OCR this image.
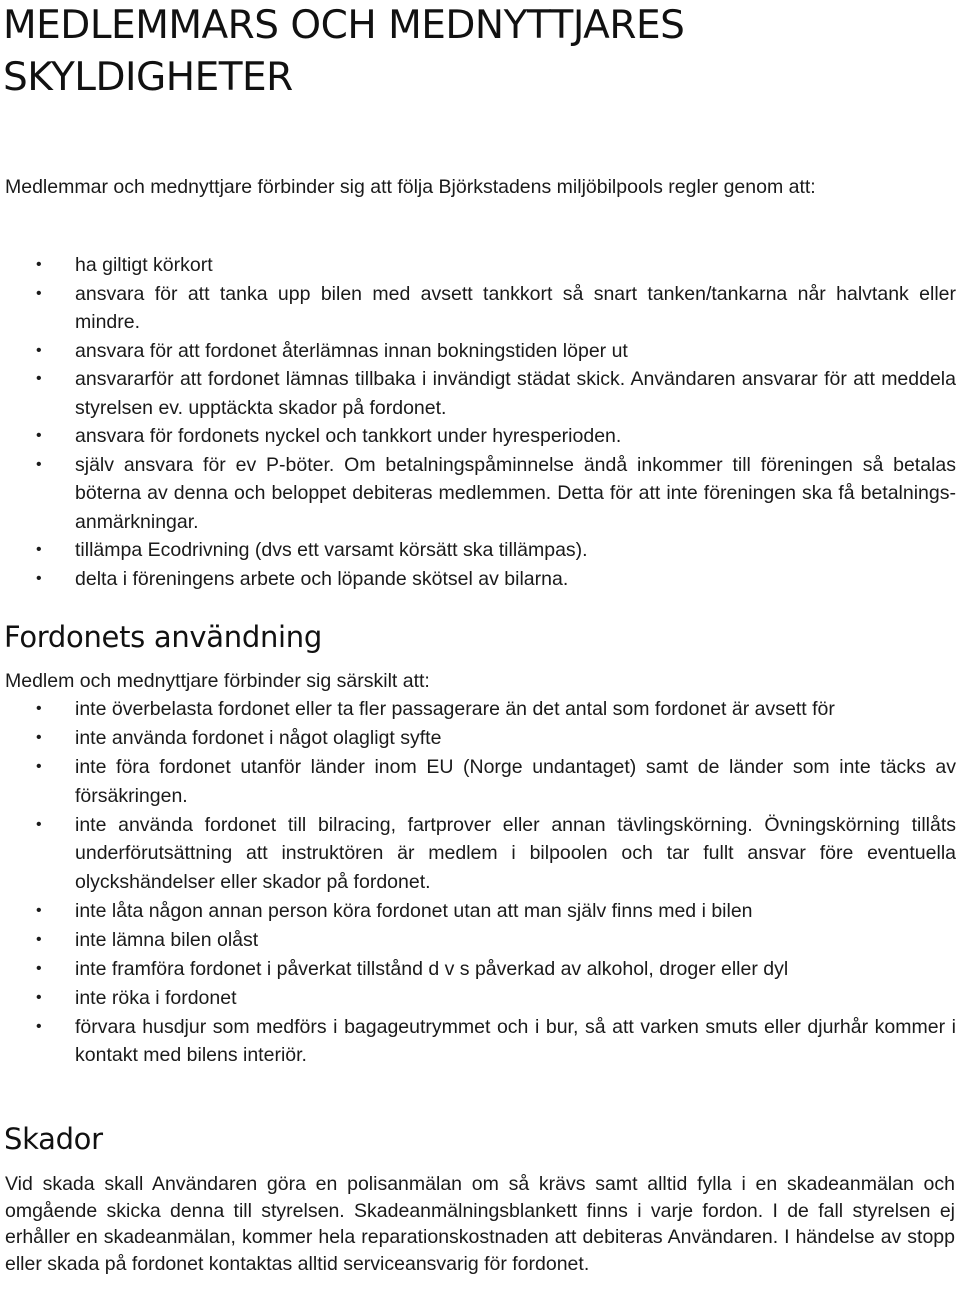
MEDLEMMARS OCH MEDNYTTJARES SKYLDIGHETER

Medlemmar och mednyttjare förbinder sig att följa Björkstadens miljöbilpools regler genom att:

• ha giltigt körkort
• ansvara för att tanka upp bilen med avsett tankkort så snart tanken/tankarna når halvtank eller mindre.
• ansvara för att fordonet återlämnas innan bokningstiden löper ut
• ansvararför att fordonet lämnas tillbaka i invändigt städat skick. Användaren ansvarar för att meddela styrelsen ev. upptäckta skador på fordonet.
• ansvara för fordonets nyckel och tankkort under hyresperioden.
• själv ansvara för ev P-böter. Om betalningspåminnelse ändå inkommer till föreningen så betalas böterna av denna och beloppet debiteras medlemmen. Detta för att inte föreningen ska få betalnings-anmärkningar.
• tillämpa Ecodrivning (dvs ett varsamt körsätt ska tillämpas).
• delta i föreningens arbete och löpande skötsel av bilarna.
Fordonets användning

Medlem och mednyttjare förbinder sig särskilt att:

• inte överbelasta fordonet eller ta fler passagerare än det antal som fordonet är avsett för
• inte använda fordonet i något olagligt syfte
• inte föra fordonet utanför länder inom EU (Norge undantaget) samt de länder som inte täcks av försäkringen.
• inte använda fordonet till bilracing, fartprover eller annan tävlingskörning. Övningskörning tillåts underförutsättning att instruktören är medlem i bilpoolen och tar fullt ansvar före eventuella olyckshändelser eller skador på fordonet.
• inte låta någon annan person köra fordonet utan att man själv finns med i bilen
• inte lämna bilen olåst
• inte framföra fordonet i påverkat tillstånd d v s påverkad av alkohol, droger eller dyl
• inte röka i fordonet
• förvara husdjur som medförs i bagageutrymmet och i bur, så att varken smuts eller djurhår kommer i kontakt med bilens interiör.
Skador

Vid skada skall Användaren göra en polisanmälan om så krävs samt alltid fylla i en skadeanmälan och omgående skicka denna till styrelsen. Skadeanmälningsblankett finns i varje fordon. I de fall styrelsen ej erhåller en skadeanmälan, kommer hela reparationskostnaden att debiteras Användaren. I händelse av stopp eller skada på fordonet kontaktas alltid serviceansvarig för fordonet.
